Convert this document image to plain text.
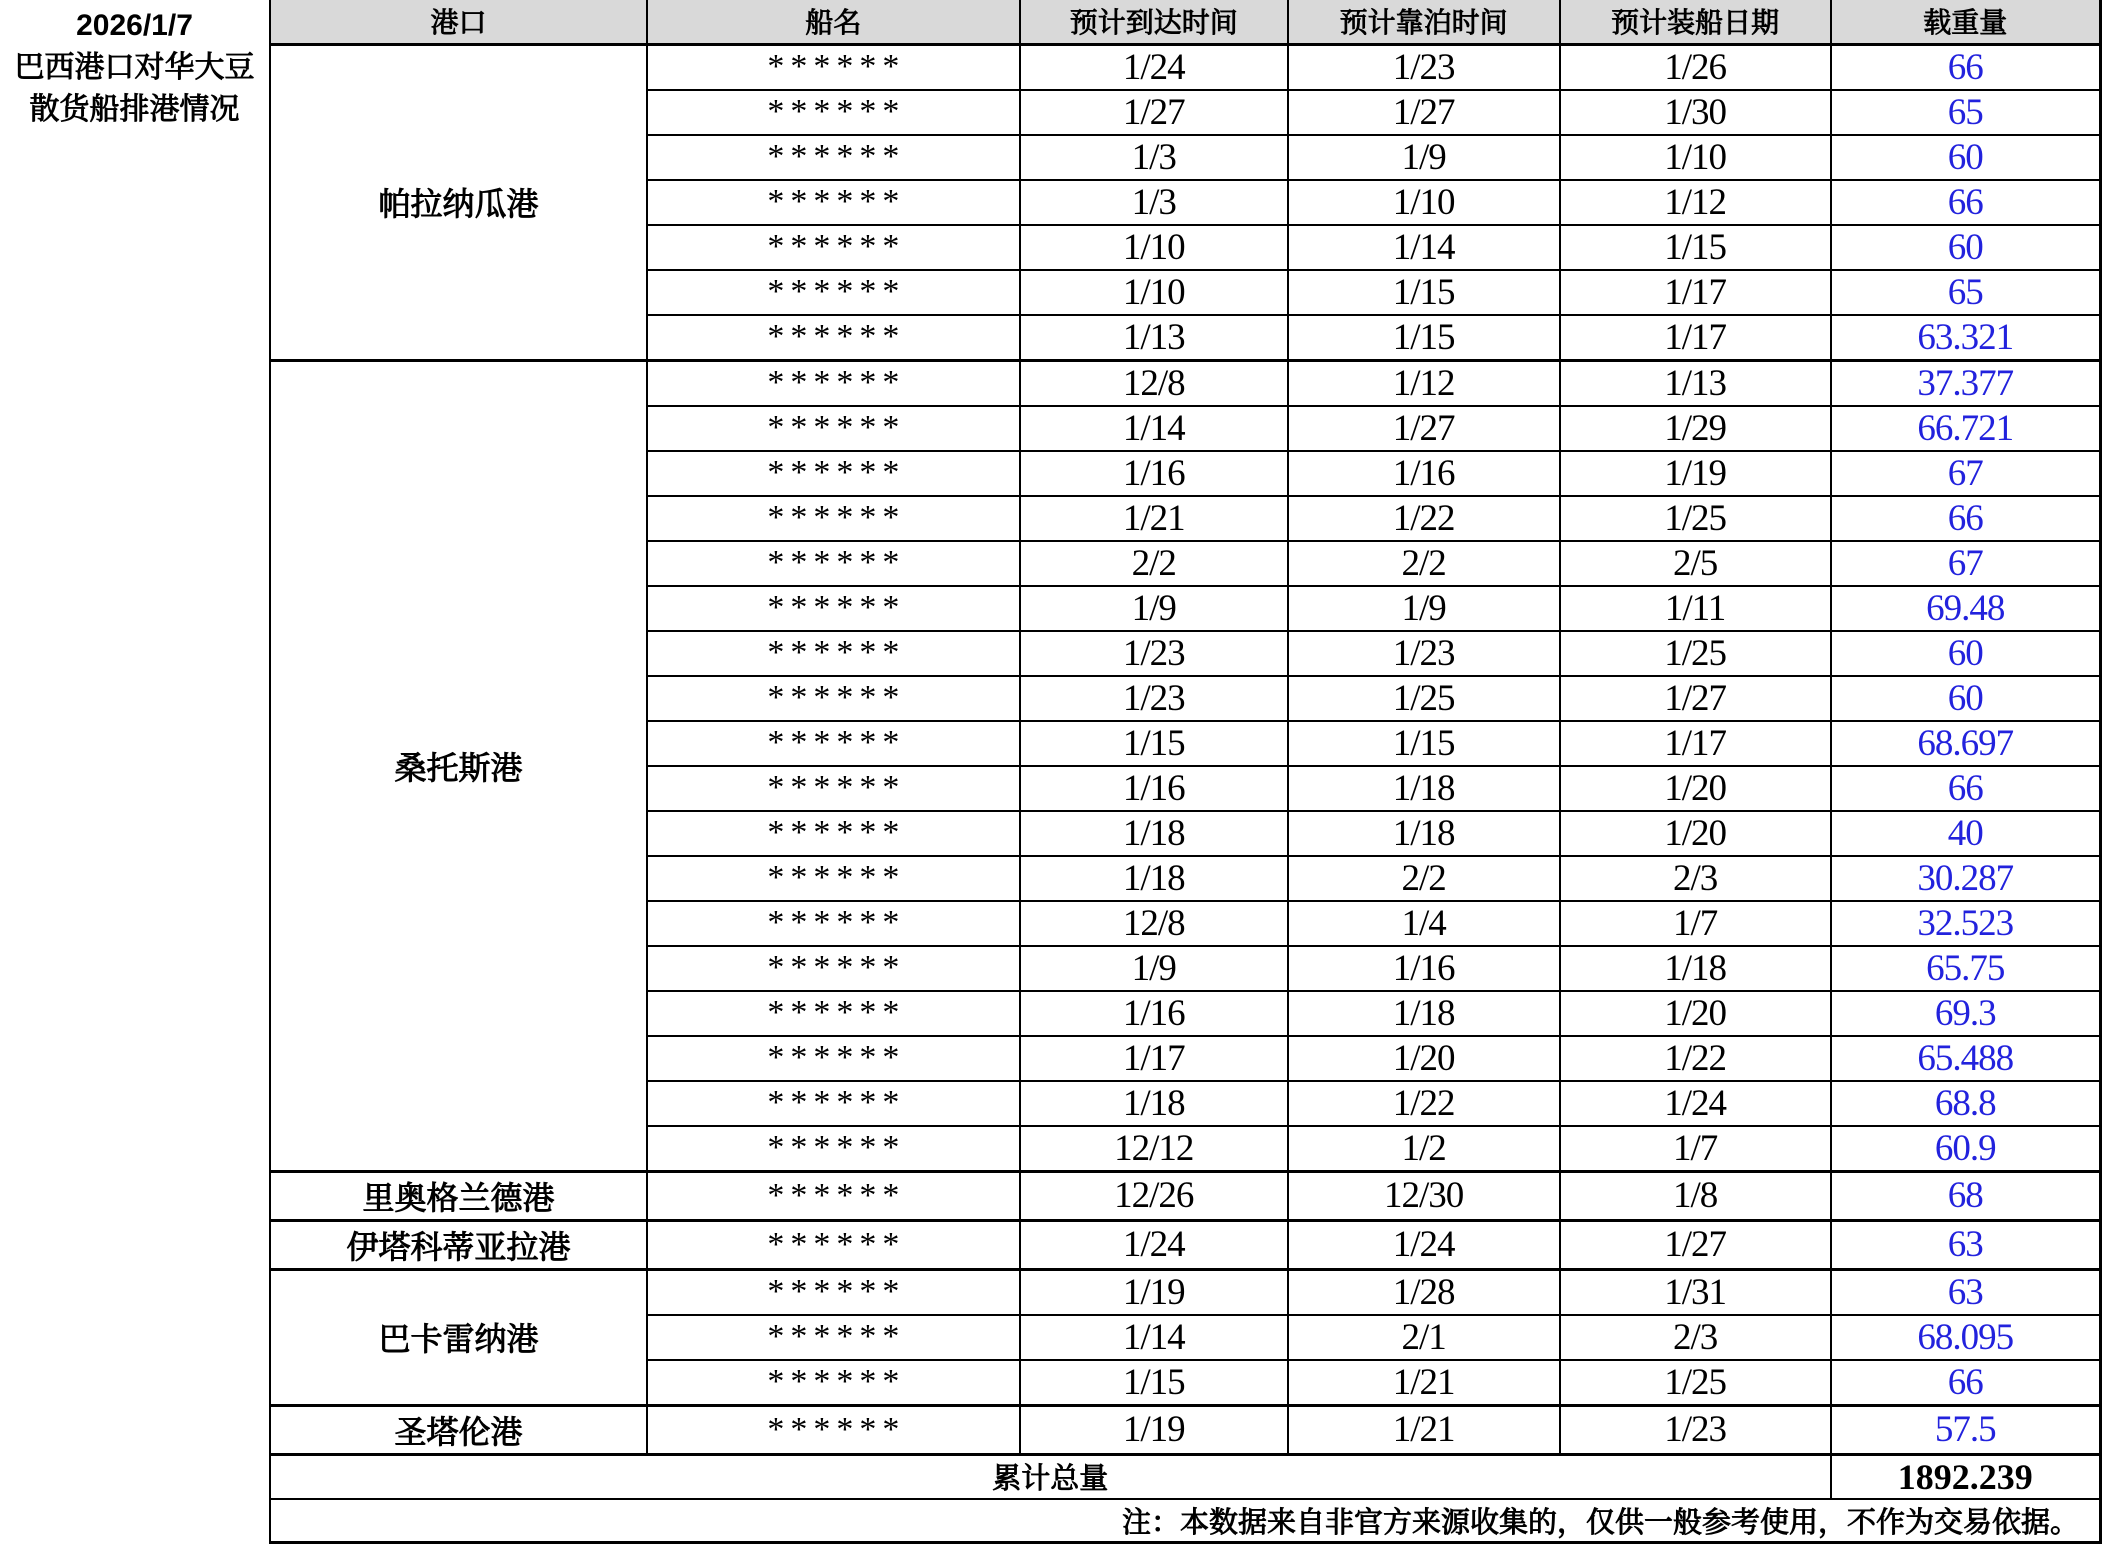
2026/1/7
巴西港口对华大豆
散货船排港情况
港口	船名	预计到达时间	预计靠泊时间	预计装船日期	载重量
帕拉纳瓜港	******	1/24	1/23	1/26	66
	******	1/27	1/27	1/30	65
	******	1/3	1/9	1/10	60
	******	1/3	1/10	1/12	66
	******	1/10	1/14	1/15	60
	******	1/10	1/15	1/17	65
	******	1/13	1/15	1/17	63.321
桑托斯港	******	12/8	1/12	1/13	37.377
	******	1/14	1/27	1/29	66.721
	******	1/16	1/16	1/19	67
	******	1/21	1/22	1/25	66
	******	2/2	2/2	2/5	67
	******	1/9	1/9	1/11	69.48
	******	1/23	1/23	1/25	60
	******	1/23	1/25	1/27	60
	******	1/15	1/15	1/17	68.697
	******	1/16	1/18	1/20	66
	******	1/18	1/18	1/20	40
	******	1/18	2/2	2/3	30.287
	******	12/8	1/4	1/7	32.523
	******	1/9	1/16	1/18	65.75
	******	1/16	1/18	1/20	69.3
	******	1/17	1/20	1/22	65.488
	******	1/18	1/22	1/24	68.8
	******	12/12	1/2	1/7	60.9
里奥格兰德港	******	12/26	12/30	1/8	68
伊塔科蒂亚拉港	******	1/24	1/24	1/27	63
巴卡雷纳港	******	1/19	1/28	1/31	63
	******	1/14	2/1	2/3	68.095
	******	1/15	1/21	1/25	66
圣塔伦港	******	1/19	1/21	1/23	57.5
累计总量					1892.239
注：本数据来自非官方来源收集的，仅供一般参考使用，不作为交易依据。					
